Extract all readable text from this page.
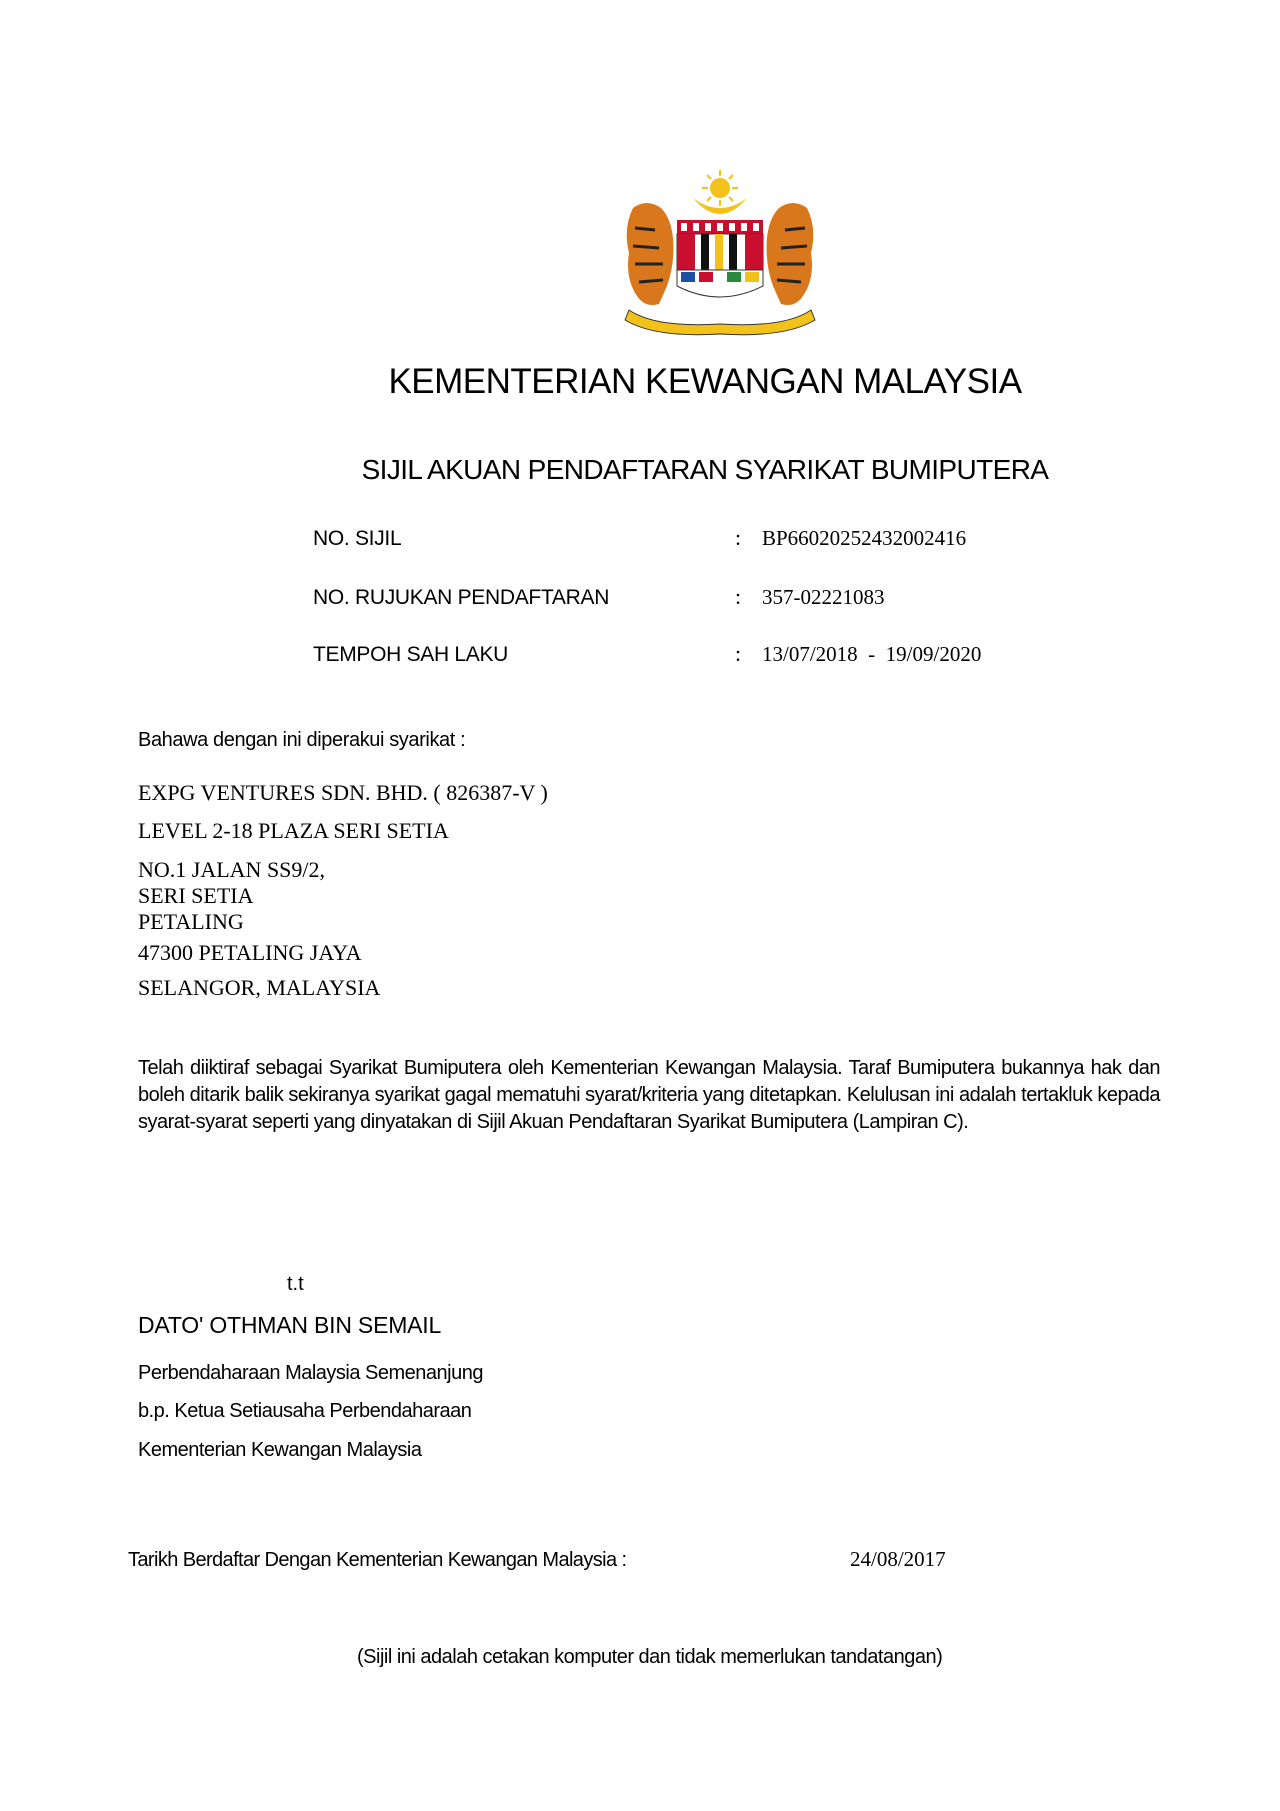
KEMENTERIAN KEWANGAN MALAYSIA
SIJIL AKUAN PENDAFTARAN SYARIKAT BUMIPUTERA
NO. SIJIL	: BP66020252432002416
NO. RUJUKAN PENDAFTARAN	: 357-02221083
TEMPOH SAH LAKU	: 13/07/2018  -  19/09/2020
Bahawa dengan ini diperakui syarikat :
EXPG VENTURES SDN. BHD. ( 826387-V )
LEVEL 2-18 PLAZA SERI SETIA
NO.1 JALAN SS9/2,
SERI SETIA
PETALING
47300 PETALING JAYA
SELANGOR, MALAYSIA
Telah diiktiraf sebagai Syarikat Bumiputera oleh Kementerian Kewangan Malaysia. Taraf Bumiputera bukannya hak dan boleh ditarik balik sekiranya syarikat gagal mematuhi syarat/kriteria yang ditetapkan. Kelulusan ini adalah tertakluk kepada syarat-syarat seperti yang dinyatakan di Sijil Akuan Pendaftaran Syarikat Bumiputera (Lampiran C).
t.t
DATO' OTHMAN BIN SEMAIL
Perbendaharaan Malaysia Semenanjung
b.p. Ketua Setiausaha Perbendaharaan
Kementerian Kewangan Malaysia
Tarikh Berdaftar Dengan Kementerian Kewangan Malaysia :	24/08/2017
(Sijil ini adalah cetakan komputer dan tidak memerlukan tandatangan)
